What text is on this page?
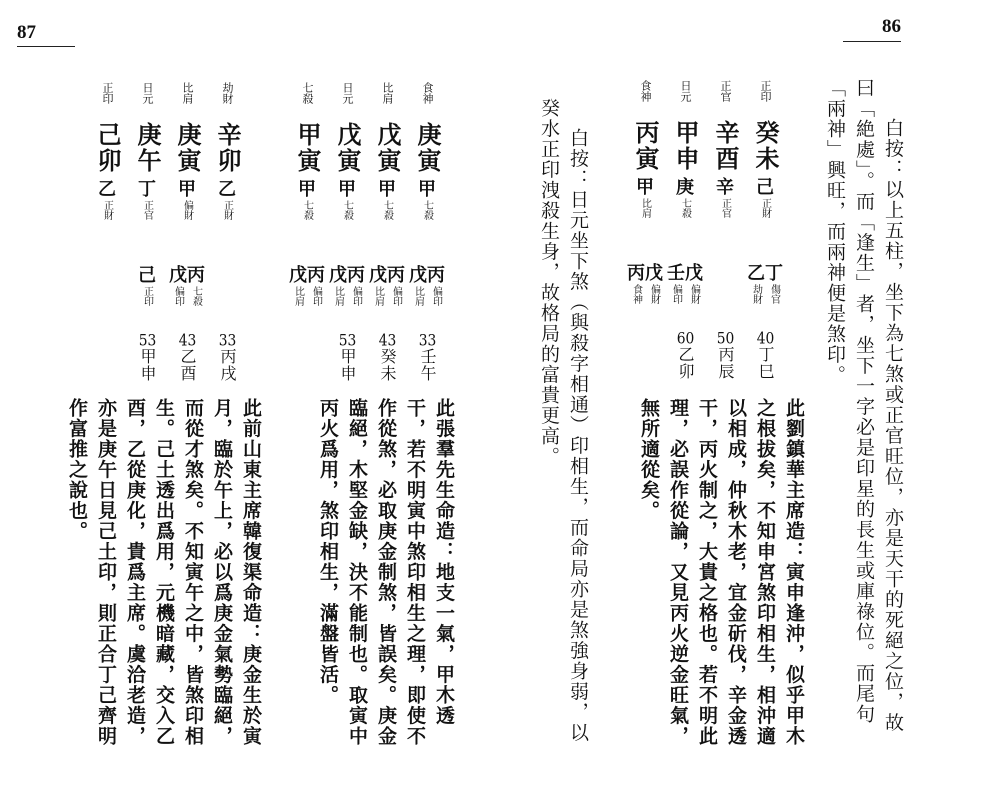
87	86
白按：以上五柱，坐下為七煞或正官旺位，亦是天干的死絕之位，故
曰「絶處」。而「逢生」者，坐下一字必是印星的長生或庫祿位。而尾句
「兩神」興旺，而兩神便是煞印。
正印
癸未
己
正財
丁
傷官
乙
劫財
40丁巳
正官
辛酉
辛
正官
50丙辰
日元
甲申
庚
七殺
戊
偏財
壬
偏印
60乙卯
食神
丙寅
甲
比肩
戊
偏財
丙
食神
此劉鎮華主席造：寅申逢沖，似乎甲木
之根拔矣，不知申宮煞印相生，相沖適
以相成，仲秋木老，宜金斫伐，辛金透
干，丙火制之，大貴之格也。若不明此
理，必誤作從論，又見丙火逆金旺氣，
無所適從矣。
白按：日元坐下煞（與殺字相通）印相生，而命局亦是煞強身弱，以
癸水正印洩殺生身，故格局的富貴更高。
食神
庚寅
甲
七殺
丙
偏印
戊
比肩
33壬午
比肩
戊寅
甲
七殺
丙
偏印
戊
比肩
43癸未
日元
戊寅
甲
七殺
丙
偏印
戊
比肩
53甲申
七殺
甲寅
甲
七殺
丙
偏印
戊
比肩
此張羣先生命造：地支一氣，甲木透
干，若不明寅中煞印相生之理，即使不
作從煞，必取庚金制煞，皆誤矣。庚金
臨絕，木堅金缺，決不能制也。取寅中
丙火爲用，煞印相生，滿盤皆活。
劫財
辛卯
乙
正財
33丙戌
比肩
庚寅
甲
偏財
丙
七殺
戊
偏印
43乙酉
日元
庚午
丁
正官
己
正印
53甲申
正印
己卯
乙
正財
此前山東主席韓復渠命造：庚金生於寅
月，臨於午上，必以爲庚金氣勢臨絕，
而從才煞矣。不知寅午之中，皆煞印相
生。己土透出爲用，元機暗藏，交入乙
酉，乙從庚化，貴爲主席。虞洽老造，
亦是庚午日見己土印，則正合丁己齊明
作富推之說也。
